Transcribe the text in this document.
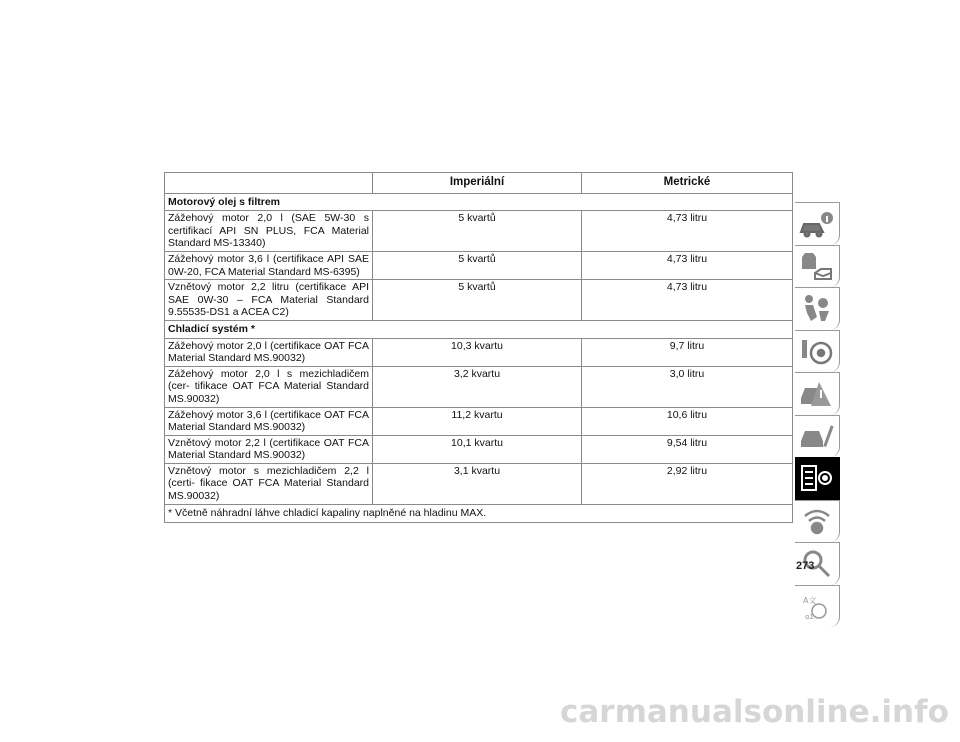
	Imperiální	Metrické
Motorový olej s filtrem		
Zážehový motor 2,0 l (SAE 5W-30 s certifikací API SN PLUS, FCA Material Standard MS-13340)	5 kvartů	4,73 litru
Zážehový motor 3,6 l (certifikace API SAE 0W-20, FCA Material Standard MS-6395)	5 kvartů	4,73 litru
Vznětový motor 2,2 litru (certifikace API SAE 0W-30 – FCA Material Standard 9.55535-DS1 a ACEA C2)	5 kvartů	4,73 litru
Chladicí systém *		
Zážehový motor 2,0 l (certifikace OAT FCA Material Standard MS.90032)	10,3 kvartu	9,7 litru
Zážehový motor 2,0 l s mezichladičem (cer- tifikace OAT FCA Material Standard MS.90032)	3,2 kvartu	3,0 litru
Zážehový motor 3,6 l (certifikace OAT FCA Material Standard MS.90032)	11,2 kvartu	10,6 litru
Vznětový motor 2,2 l (certifikace OAT FCA Material Standard MS.90032)	10,1 kvartu	9,54 litru
Vznětový motor s mezichladičem 2,2 l (certi- fikace OAT FCA Material Standard MS.90032)	3,1 kvartu	2,92 litru
* Včetně náhradní láhve chladicí kapaliny naplněné na hladinu MAX.		
A文
αΣ
273
carmanualsonline.info
